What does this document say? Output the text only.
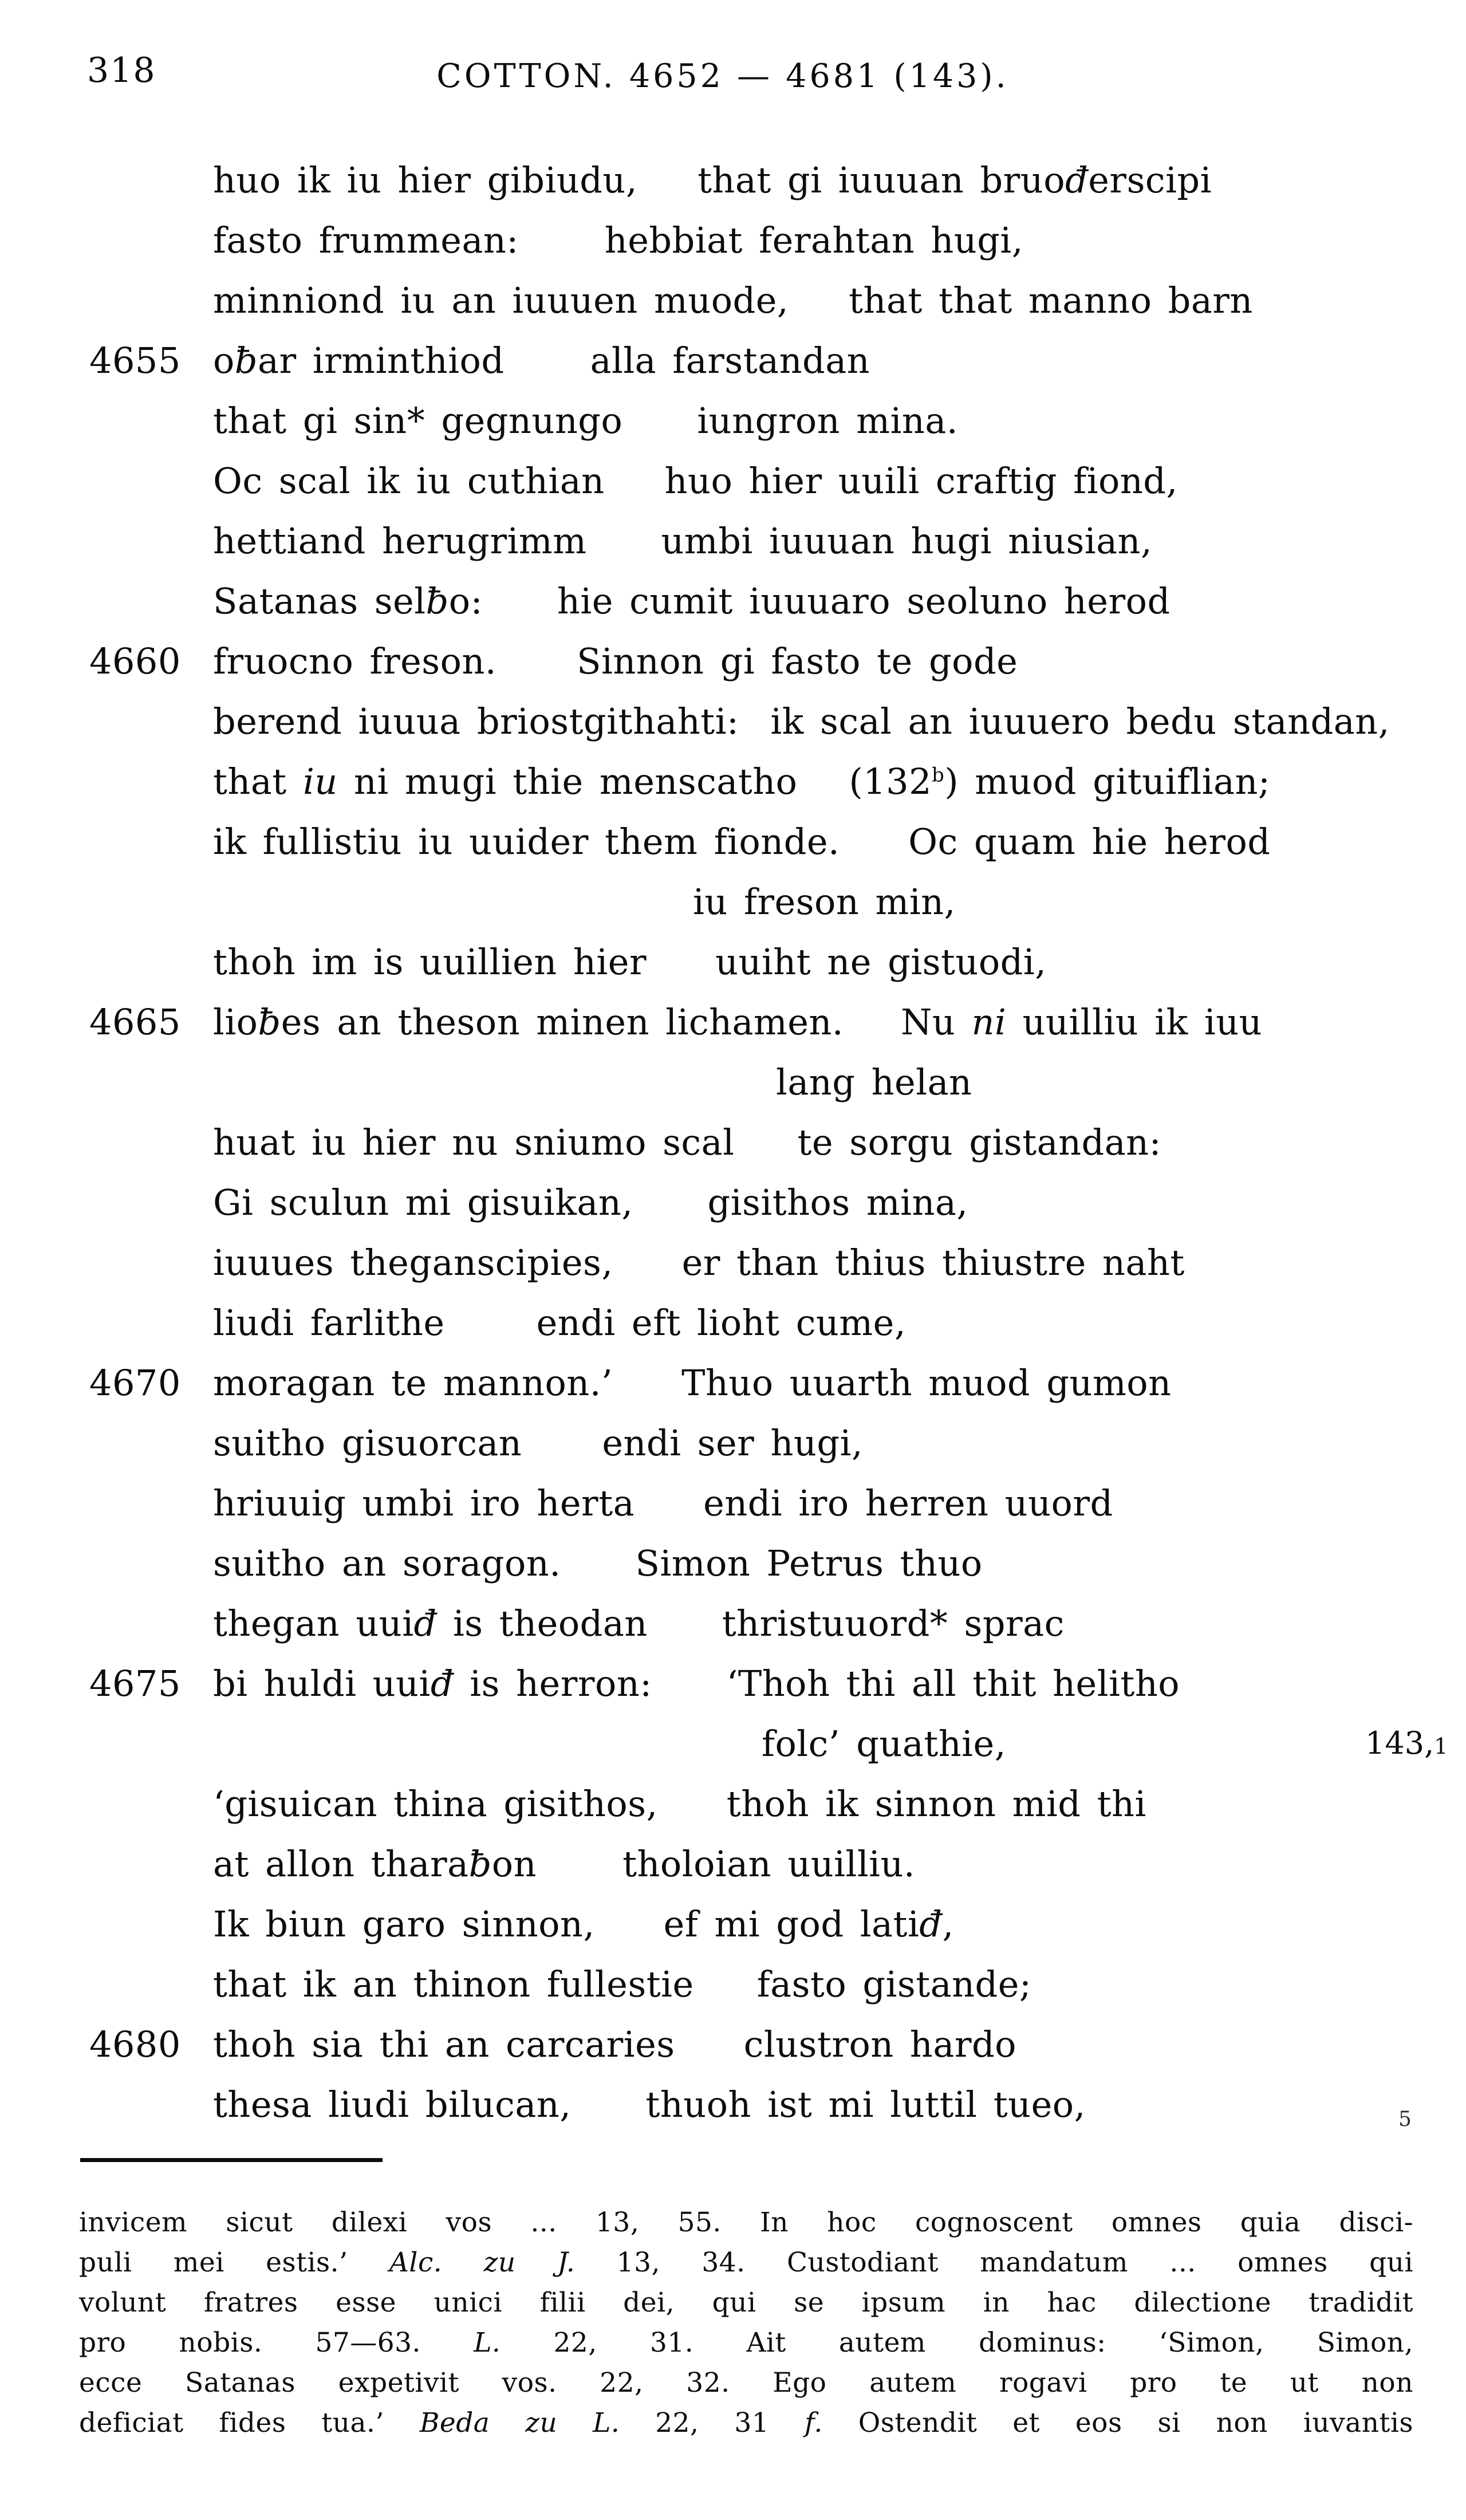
318	COTTON. 4652 — 4681 (143).
huo ik iu hier gibiudu, that gi iuuuan bruođerscipi
fasto frummean: hebbiat ferahtan hugi,
minniond iu an iuuuen muode, that that manno barn
4655 oƀar irminthiod alla farstandan
that gi sin* gegnungo iungron mina.
Oc scal ik iu cuthian huo hier uuili craftig fiond,
hettiand herugrimm umbi iuuuan hugi niusian,
Satanas selƀo: hie cumit iuuuaro seoluno herod
4660 fruocno freson. Sinnon gi fasto te gode
berend iuuua briostgithahti: ik scal an iuuuero bedu standan,
that iu ni mugi thie menscatho (132$^b$) muod gituiflian;
ik fullistiu iu uuider them fionde. Oc quam hie herod
iu freson min,
thoh im is uuillien hier uuiht ne gistuodi,
4665 lioƀes an theson minen lichamen. Nu ni uuilliu ik iuu
lang helan
huat iu hier nu sniumo scal te sorgu gistandan:
Gi sculun mi gisuikan, gisithos mina,
iuuues theganscipies, er than thius thiustre naht
liudi farlithe	endi eft lioht cume,
4670 moragan te mannon.’ Thuo uuarth muod gumon
suitho gisuorcan endi ser hugi,
hriuuig umbi iro herta endi iro herren uuord
suitho an soragon. Simon Petrus thuo
thegan uuiđ is theodan thristuuord* sprac
4675 bi huldi uuiđ is herron: ‘Thoh thi all thit helitho
folc’ quathie,
‘gisuican thina gisithos, thoh ik sinnon mid thi
at allon tharaƀon tholoian uuilliu.
Ik biun garo sinnon, ef mi god latiđ,
that ik an thinon fullestie fasto gistande;
4680 thoh sia thi an carcaries clustron hardo
thesa liudi bilucan, thuoh ist mi luttil tueo,
143,1
5
invicem sicut dilexi vos ... 13, 55. In hoc cognoscent omnes quia disci-
puli mei estis.’ Alc. zu J. 13, 34. Custodiant mandatum ... omnes qui
volunt fratres esse unici filii dei, qui se ipsum in hac dilectione tradidit
pro nobis. 57—63. L. 22, 31. Ait autem dominus: ‘Simon, Simon,
ecce Satanas expetivit vos. 22, 32. Ego autem rogavi pro te ut non
deficiat fides tua.’ Beda zu L. 22, 31 f. Ostendit et eos si non iuvantis
